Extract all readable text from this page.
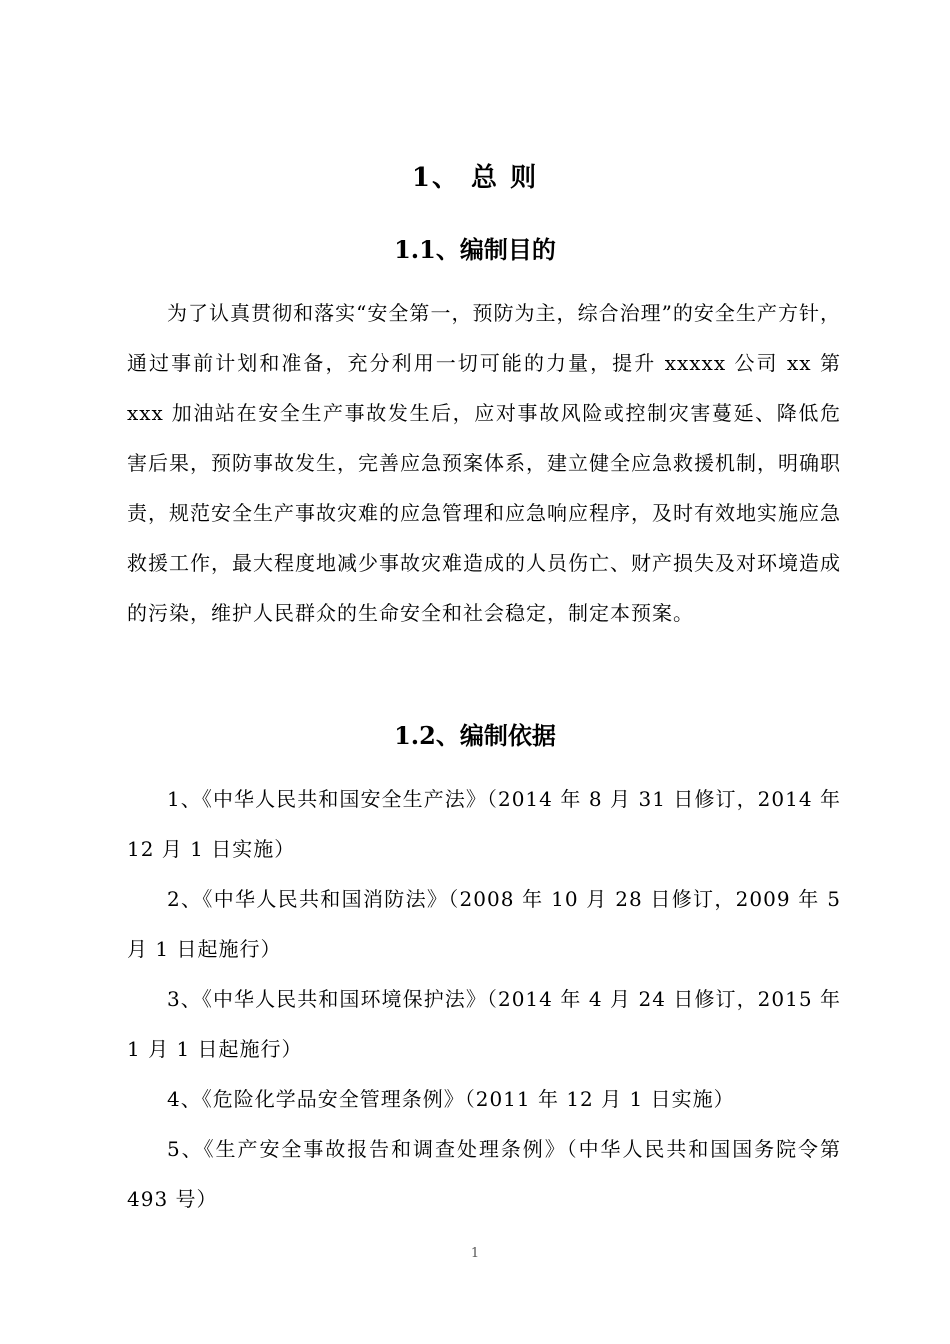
1、 总 则
1.1、编制目的

为了认真贯彻和落实“安全第一，预防为主，综合治理”的安全生产方针，通过事前计划和准备，充分利用一切可能的力量，提升 xxxxx 公司 xx 第 xxx 加油站在安全生产事故发生后，应对事故风险或控制灾害蔓延、降低危害后果，预防事故发生，完善应急预案体系，建立健全应急救援机制，明确职责，规范安全生产事故灾难的应急管理和应急响应程序，及时有效地实施应急救援工作，最大程度地减少事故灾难造成的人员伤亡、财产损失及对环境造成的污染，维护人民群众的生命安全和社会稳定，制定本预案。

1.2、编制依据
1、《中华人民共和国安全生产法》（2014 年 8 月 31 日修订，2014 年 12 月 1 日实施）
2、《中华人民共和国消防法》（2008 年 10 月 28 日修订，2009 年 5 月 1 日起施行）
3、《中华人民共和国环境保护法》（2014 年 4 月 24 日修订，2015 年 1 月 1 日起施行）
4、《危险化学品安全管理条例》（2011 年 12 月 1 日实施）
5、《生产安全事故报告和调查处理条例》（中华人民共和国国务院令第 493 号）
1
